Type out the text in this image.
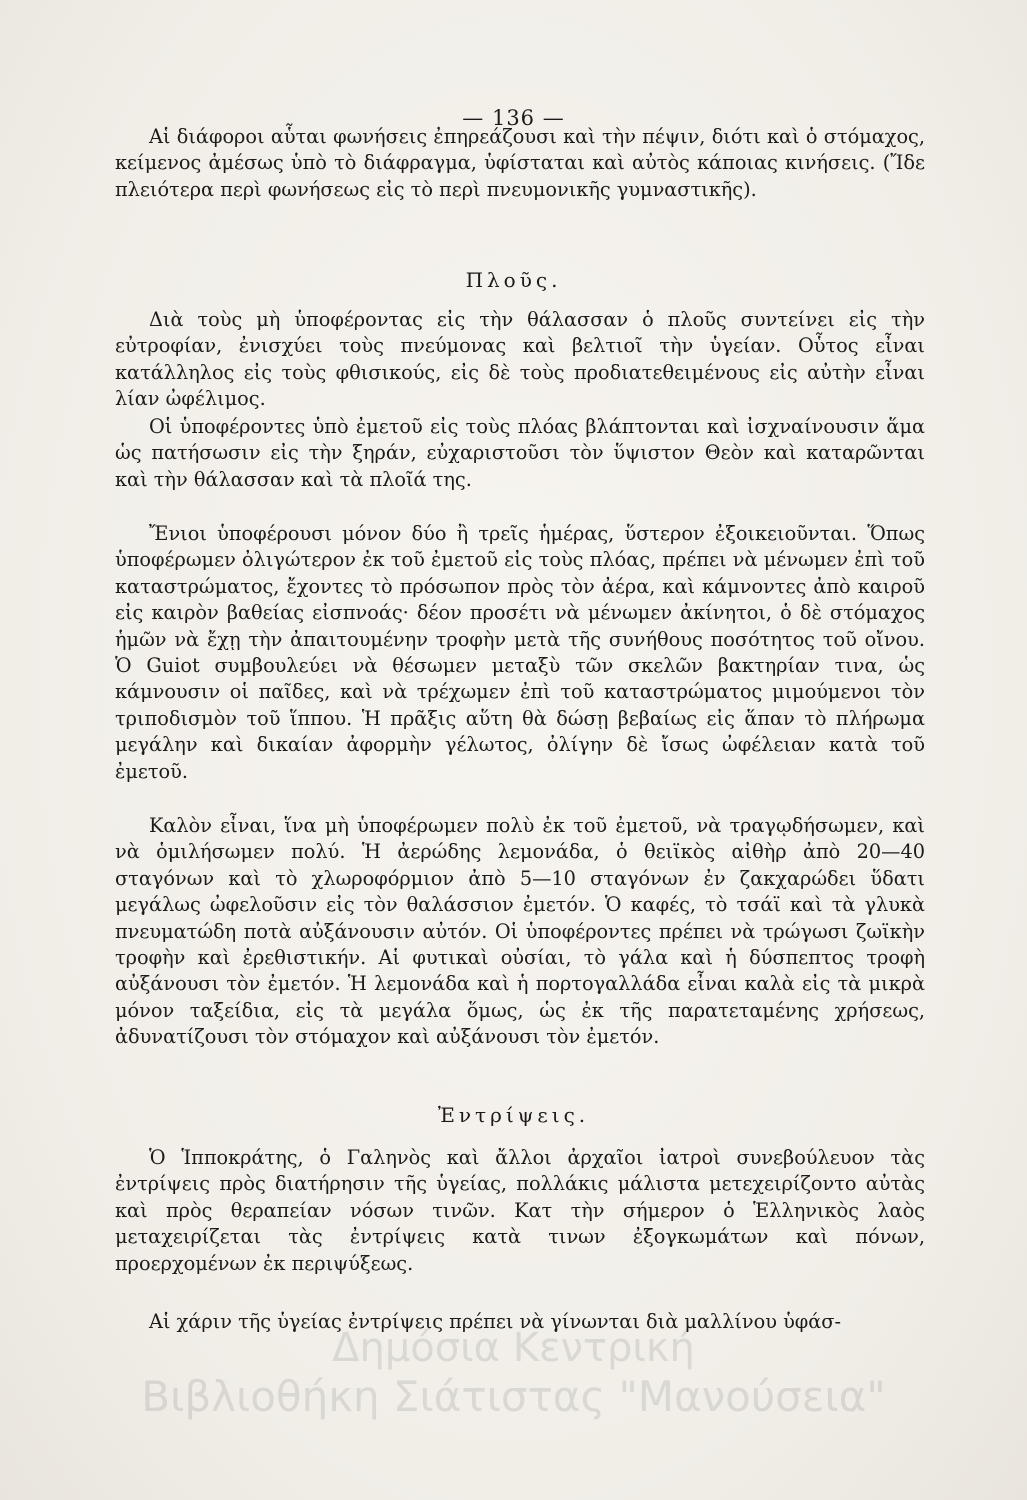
— 136 —

Αἱ διάφοροι αὗται φωνήσεις ἐπηρεάζουσι καὶ τὴν πέψιν, διότι καὶ ὁ στόμαχος, κείμενος ἀμέσως ὑπὸ τὸ διάφραγμα, ὑφίσταται καὶ αὐτὸς κάποιας κινήσεις. (Ἴδε πλειότερα περὶ φωνήσεως εἰς τὸ περὶ πνευμονικῆς γυμναστικῆς).

Πλοῦς.

Διὰ τοὺς μὴ ὑποφέροντας εἰς τὴν θάλασσαν ὁ πλοῦς συντείνει εἰς τὴν εὐτροφίαν, ἐνισχύει τοὺς πνεύμονας καὶ βελτιοῖ τὴν ὑγείαν. Οὗτος εἶναι κατάλληλος εἰς τοὺς φθισικούς, εἰς δὲ τοὺς προδιατεθειμένους εἰς αὐτὴν εἶναι λίαν ὠφέλιμος.

Οἱ ὑποφέροντες ὑπὸ ἐμετοῦ εἰς τοὺς πλόας βλάπτονται καὶ ἰσχναίνουσιν ἅμα ὡς πατήσωσιν εἰς τὴν ξηράν, εὐχαριστοῦσι τὸν ὕψιστον Θεὸν καὶ καταρῶνται καὶ τὴν θάλασσαν καὶ τὰ πλοῖά της.

Ἔνιοι ὑποφέρουσι μόνον δύο ἢ τρεῖς ἡμέρας, ὕστερον ἐξοικειοῦνται. Ὅπως ὑποφέρωμεν ὀλιγώτερον ἐκ τοῦ ἐμετοῦ εἰς τοὺς πλόας, πρέπει νὰ μένωμεν ἐπὶ τοῦ καταστρώματος, ἔχοντες τὸ πρόσωπον πρὸς τὸν ἀέρα, καὶ κάμνοντες ἀπὸ καιροῦ εἰς καιρὸν βαθείας εἰσπνοάς· δέον προσέτι νὰ μένωμεν ἀκίνητοι, ὁ δὲ στόμαχος ἡμῶν νὰ ἔχῃ τὴν ἀπαιτουμένην τροφὴν μετὰ τῆς συνήθους ποσότητος τοῦ οἴνου. Ὁ Guiot συμβουλεύει νὰ θέσωμεν μεταξὺ τῶν σκελῶν βακτηρίαν τινα, ὡς κάμνουσιν οἱ παῖδες, καὶ νὰ τρέχωμεν ἐπὶ τοῦ καταστρώματος μιμούμενοι τὸν τριποδισμὸν τοῦ ἵππου. Ἡ πρᾶξις αὕτη θὰ δώσῃ βεβαίως εἰς ἅπαν τὸ πλήρωμα μεγάλην καὶ δικαίαν ἀφορμὴν γέλωτος, ὀλίγην δὲ ἴσως ὠφέλειαν κατὰ τοῦ ἐμετοῦ.

Καλὸν εἶναι, ἵνα μὴ ὑποφέρωμεν πολὺ ἐκ τοῦ ἐμετοῦ, νὰ τραγῳδήσωμεν, καὶ νὰ ὁμιλήσωμεν πολύ. Ἡ ἀερώδης λεμονάδα, ὁ θειϊκὸς αἰθὴρ ἀπὸ 20—40 σταγόνων καὶ τὸ χλωροφόρμιον ἀπὸ 5—10 σταγόνων ἐν ζακχαρώδει ὕδατι μεγάλως ὠφελοῦσιν εἰς τὸν θαλάσσιον ἐμετόν. Ὁ καφές, τὸ τσάϊ καὶ τὰ γλυκὰ πνευματώδη ποτὰ αὐξάνουσιν αὐτόν. Οἱ ὑποφέροντες πρέπει νὰ τρώγωσι ζωϊκὴν τροφὴν καὶ ἐρεθιστικήν. Αἱ φυτικαὶ οὐσίαι, τὸ γάλα καὶ ἡ δύσπεπτος τροφὴ αὐξάνουσι τὸν ἐμετόν. Ἡ λεμονάδα καὶ ἡ πορτογαλλάδα εἶναι καλὰ εἰς τὰ μικρὰ μόνον ταξείδια, εἰς τὰ μεγάλα ὅμως, ὡς ἐκ τῆς παρατεταμένης χρήσεως, ἀδυνατίζουσι τὸν στόμαχον καὶ αὐξάνουσι τὸν ἐμετόν.

Ἐντρίψεις.

Ὁ Ἱπποκράτης, ὁ Γαληνὸς καὶ ἄλλοι ἀρχαῖοι ἰατροὶ συνεβούλευον τὰς ἐντρίψεις πρὸς διατήρησιν τῆς ὑγείας, πολλάκις μάλιστα μετεχειρίζοντο αὐτὰς καὶ πρὸς θεραπείαν νόσων τινῶν. Κατ τὴν σήμερον ὁ Ἑλληνικὸς λαὸς μεταχειρίζεται τὰς ἐντρίψεις κατὰ τινων ἐξογκωμάτων καὶ πόνων, προερχομένων ἐκ περιψύξεως.

Αἱ χάριν τῆς ὑγείας ἐντρίψεις πρέπει νὰ γίνωνται διὰ μαλλίνου ὑφάσ-

Δημόσια Κεντρική
Βιβλιοθήκη Σιάτιστας "Μανούσεια"
